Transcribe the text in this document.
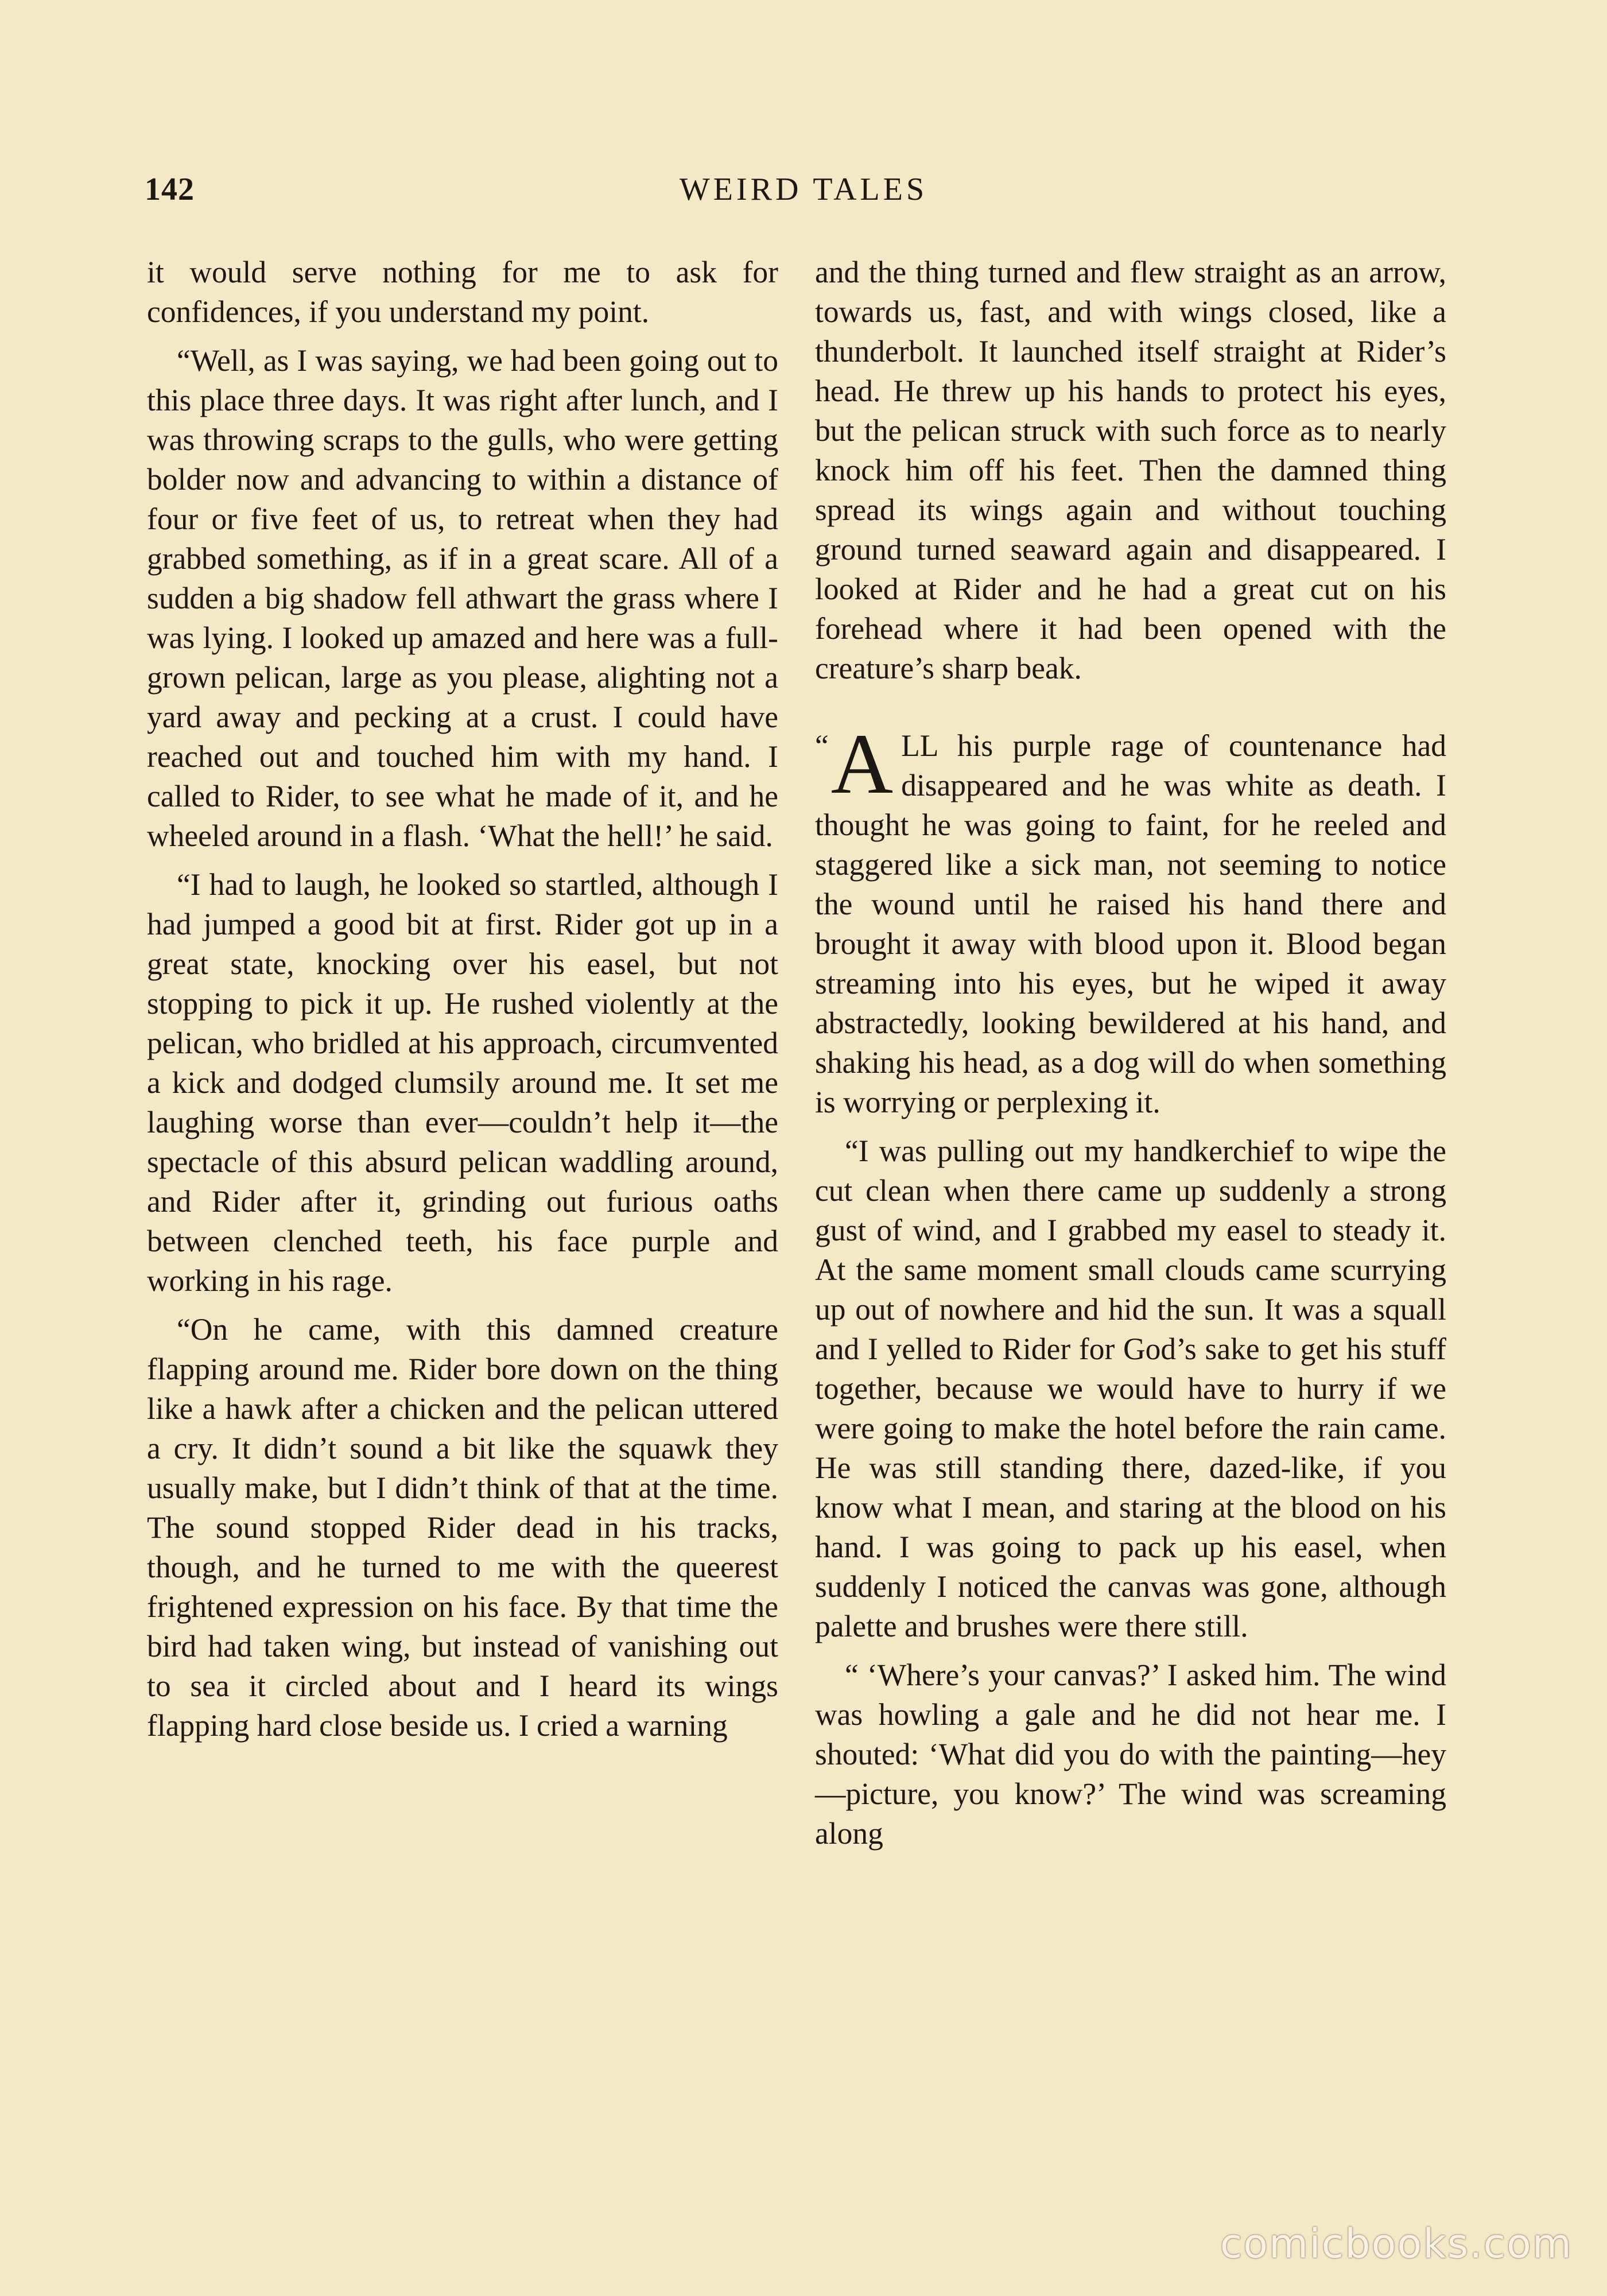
142	WEIRD TALES

it would serve nothing for me to ask for confidences, if you understand my point.

“Well, as I was saying, we had been going out to this place three days. It was right after lunch, and I was throwing scraps to the gulls, who were getting bolder now and advancing to within a distance of four or five feet of us, to retreat when they had grabbed something, as if in a great scare. All of a sudden a big shadow fell athwart the grass where I was lying. I looked up amazed and here was a full-grown pelican, large as you please, alighting not a yard away and pecking at a crust. I could have reached out and touched him with my hand. I called to Rider, to see what he made of it, and he wheeled around in a flash. ‘What the hell!’ he said.

“I had to laugh, he looked so startled, although I had jumped a good bit at first. Rider got up in a great state, knocking over his easel, but not stopping to pick it up. He rushed violently at the pelican, who bridled at his approach, circumvented a kick and dodged clumsily around me. It set me laughing worse than ever—couldn’t help it—the spectacle of this absurd pelican waddling around, and Rider after it, grinding out furious oaths between clenched teeth, his face purple and working in his rage.

“On he came, with this damned creature flapping around me. Rider bore down on the thing like a hawk after a chicken and the pelican uttered a cry. It didn’t sound a bit like the squawk they usually make, but I didn’t think of that at the time. The sound stopped Rider dead in his tracks, though, and he turned to me with the queerest frightened expression on his face. By that time the bird had taken wing, but instead of vanishing out to sea it circled about and I heard its wings flapping hard close beside us. I cried a warning

and the thing turned and flew straight as an arrow, towards us, fast, and with wings closed, like a thunderbolt. It launched itself straight at Rider’s head. He threw up his hands to protect his eyes, but the pelican struck with such force as to nearly knock him off his feet. Then the damned thing spread its wings again and without touching ground turned seaward again and disappeared. I looked at Rider and he had a great cut on his forehead where it had been opened with the creature’s sharp beak.

“ A LL his purple rage of countenance had disappeared and he was white as death. I thought he was going to faint, for he reeled and staggered like a sick man, not seeming to notice the wound until he raised his hand there and brought it away with blood upon it. Blood began streaming into his eyes, but he wiped it away abstractedly, looking bewildered at his hand, and shaking his head, as a dog will do when something is worrying or perplexing it.

“I was pulling out my handkerchief to wipe the cut clean when there came up suddenly a strong gust of wind, and I grabbed my easel to steady it. At the same moment small clouds came scurrying up out of nowhere and hid the sun. It was a squall and I yelled to Rider for God’s sake to get his stuff together, because we would have to hurry if we were going to make the hotel before the rain came. He was still standing there, dazed-like, if you know what I mean, and staring at the blood on his hand. I was going to pack up his easel, when suddenly I noticed the canvas was gone, although palette and brushes were there still.

“ ‘Where’s your canvas?’ I asked him. The wind was howling a gale and he did not hear me. I shouted: ‘What did you do with the painting—hey—picture, you know?’ The wind was screaming along

comicbooks.com
